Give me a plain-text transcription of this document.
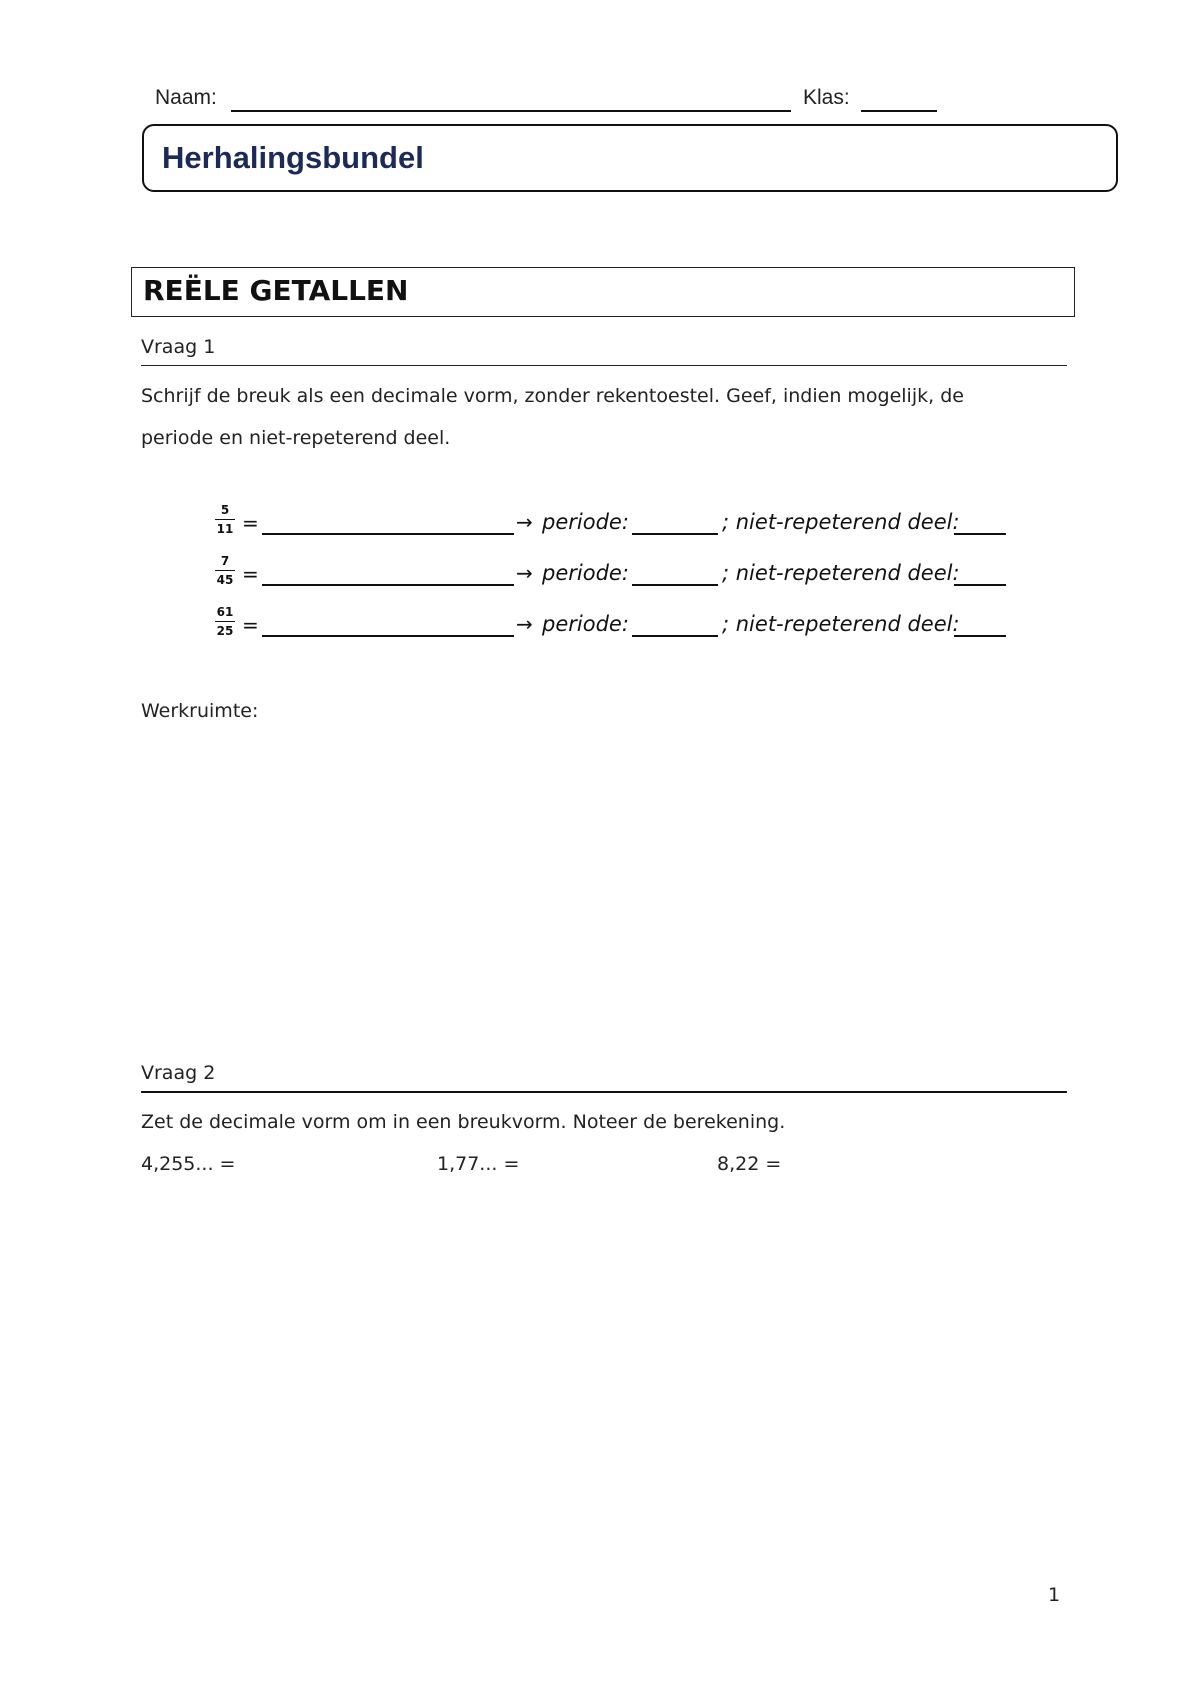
Naam:	Klas:
Herhalingsbundel
REËLE GETALLEN
Vraag 1
Schrijf de breuk als een decimale vorm, zonder rekentoestel. Geef, indien mogelijk, de
periode en niet-repeterend deel.
5
11 =	→ periode:	; niet-repeterend deel:
7
45 =	→ periode:	; niet-repeterend deel:
61
25 =	→ periode:	; niet-repeterend deel:
Werkruimte:
Vraag 2
Zet de decimale vorm om in een breukvorm. Noteer de berekening.
4,255... =	1,77... =	8,22 =
1
